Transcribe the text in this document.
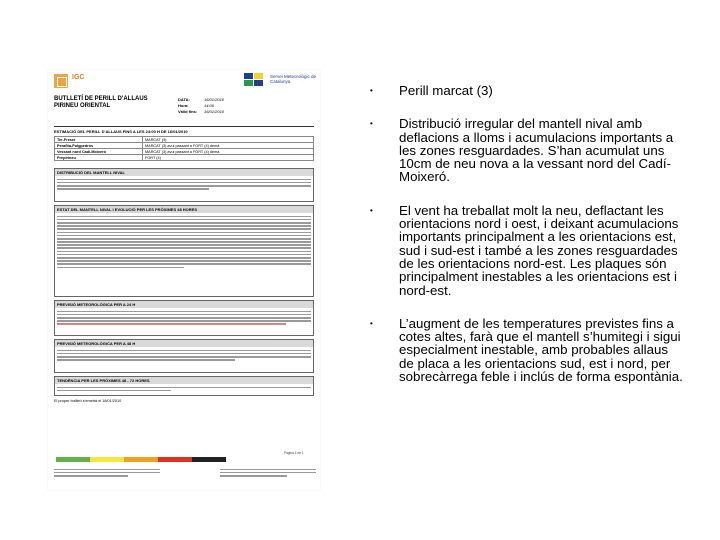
IGC	Servei Meteorològic de Catalunya
BUTLLETÍ DE PERILL D'ALLAUS
PIRINEU ORIENTAL
DATA:	16/01/2010
Hora:	14:00
Vàlid fins: 16/01/2010
ESTIMACIÓ DEL PERILL D'ALLAUS FINS A LES 24:00 H DE 16/01/2010
Ter-Freser	MARCAT (3)
Perafita-Puigpedrós	MARCAT (3) avui passant a FORT (4) demà
Vessant nord Cadí-Moixeró	MARCAT (3) avui passant a FORT (4) demà
Prepirineu	FORT (4)
DISTRIBUCIÓ DEL MANTELL NIVAL
ESTAT DEL MANTELL NIVAL I EVOLUCIÓ PER LES PRÒXIMES 48 HORES
PREVISIÓ METEOROLÒGICA PER A 24 H
PREVISIÓ METEOROLÒGICA PER A 48 H
TENDÈNCIA PER LES PRÒXIMES 48 - 72 HORES
El proper butlletí s'emetrà el 18/01/2010
Pàgina 1 de 1
• Perill marcat (3)
• Distribució irregular del mantell nival amb deflacions a lloms i acumulacions importants a les zones resguardades. S’han acumulat uns 10cm de neu nova a la vessant nord del Cadí-Moixeró.
• El vent ha treballat molt la neu, deflactant les orientacions nord i oest, i deixant acumulacions importants principalment a les orientacions est, sud i sud-est i també a les zones resguardades de les orientacions nord-est. Les plaques són principalment inestables a les orientacions est i nord-est.
• L’augment de les temperatures previstes fins a cotes altes, farà que el mantell s’humitegi i sigui especialment inestable, amb probables allaus de placa a les orientacions sud, est i nord, per sobrecàrrega feble i inclús de forma espontània.
